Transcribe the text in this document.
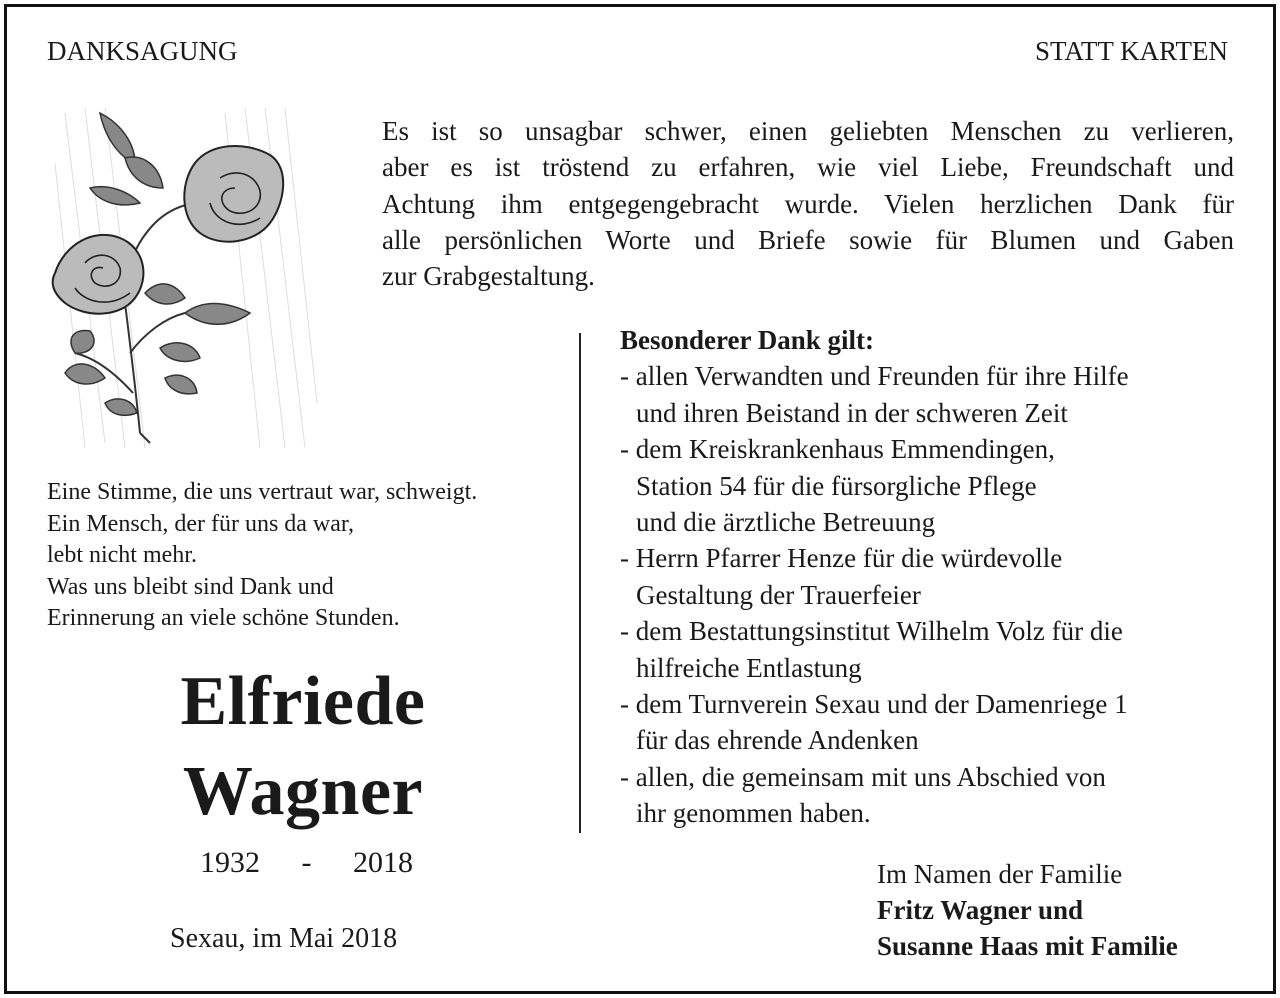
DANKSAGUNG	STATT KARTEN
Es ist so unsagbar schwer, einen geliebten Menschen zu verlieren,
aber es ist tröstend zu erfahren, wie viel Liebe, Freundschaft und
Achtung ihm entgegengebracht wurde. Vielen herzlichen Dank für
alle persönlichen Worte und Briefe sowie für Blumen und Gaben
zur Grabgestaltung.
Eine Stimme, die uns vertraut war, schweigt.
Ein Mensch, der für uns da war,
lebt nicht mehr.
Was uns bleibt sind Dank und
Erinnerung an viele schöne Stunden.
Elfriede
Wagner
1932 - 2018
Sexau, im Mai 2018
Besonderer Dank gilt:
- allen Verwandten und Freunden für ihre Hilfe
und ihren Beistand in der schweren Zeit
- dem Kreiskrankenhaus Emmendingen,
Station 54 für die fürsorgliche Pflege
und die ärztliche Betreuung
- Herrn Pfarrer Henze für die würdevolle
Gestaltung der Trauerfeier
- dem Bestattungsinstitut Wilhelm Volz für die
hilfreiche Entlastung
- dem Turnverein Sexau und der Damenriege 1
für das ehrende Andenken
- allen, die gemeinsam mit uns Abschied von
ihr genommen haben.
Im Namen der Familie
Fritz Wagner und
Susanne Haas mit Familie
